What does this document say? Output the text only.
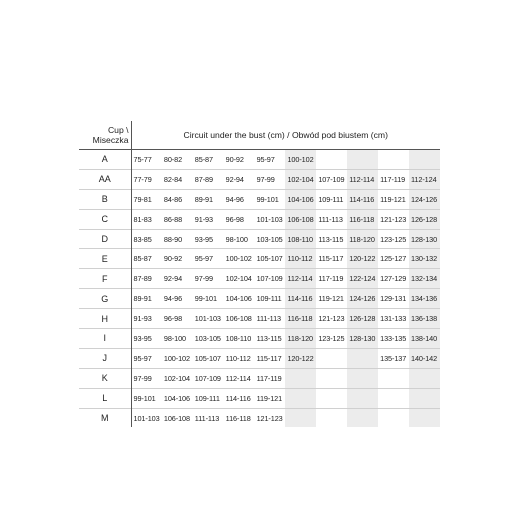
Cup \
Miseczka	Circuit under the bust (cm) / Obwód pod biustem (cm)									
A	75-77	80-82	85-87	90-92	95-97	100-102				
AA	77-79	82-84	87-89	92-94	97-99	102-104	107-109	112-114	117-119	112-124
B	79-81	84-86	89-91	94-96	99-101	104-106	109-111	114-116	119-121	124-126
C	81-83	86-88	91-93	96-98	101-103	106-108	111-113	116-118	121-123	126-128
D	83-85	88-90	93-95	98-100	103-105	108-110	113-115	118-120	123-125	128-130
E	85-87	90-92	95-97	100-102	105-107	110-112	115-117	120-122	125-127	130-132
F	87-89	92-94	97-99	102-104	107-109	112-114	117-119	122-124	127-129	132-134
G	89-91	94-96	99-101	104-106	109-111	114-116	119-121	124-126	129-131	134-136
H	91-93	96-98	101-103	106-108	111-113	116-118	121-123	126-128	131-133	136-138
I	93-95	98-100	103-105	108-110	113-115	118-120	123-125	128-130	133-135	138-140
J	95-97	100-102	105-107	110-112	115-117	120-122			135-137	140-142
K	97-99	102-104	107-109	112-114	117-119					
L	99-101	104-106	109-111	114-116	119-121					
M	101-103	106-108	111-113	116-118	121-123					
